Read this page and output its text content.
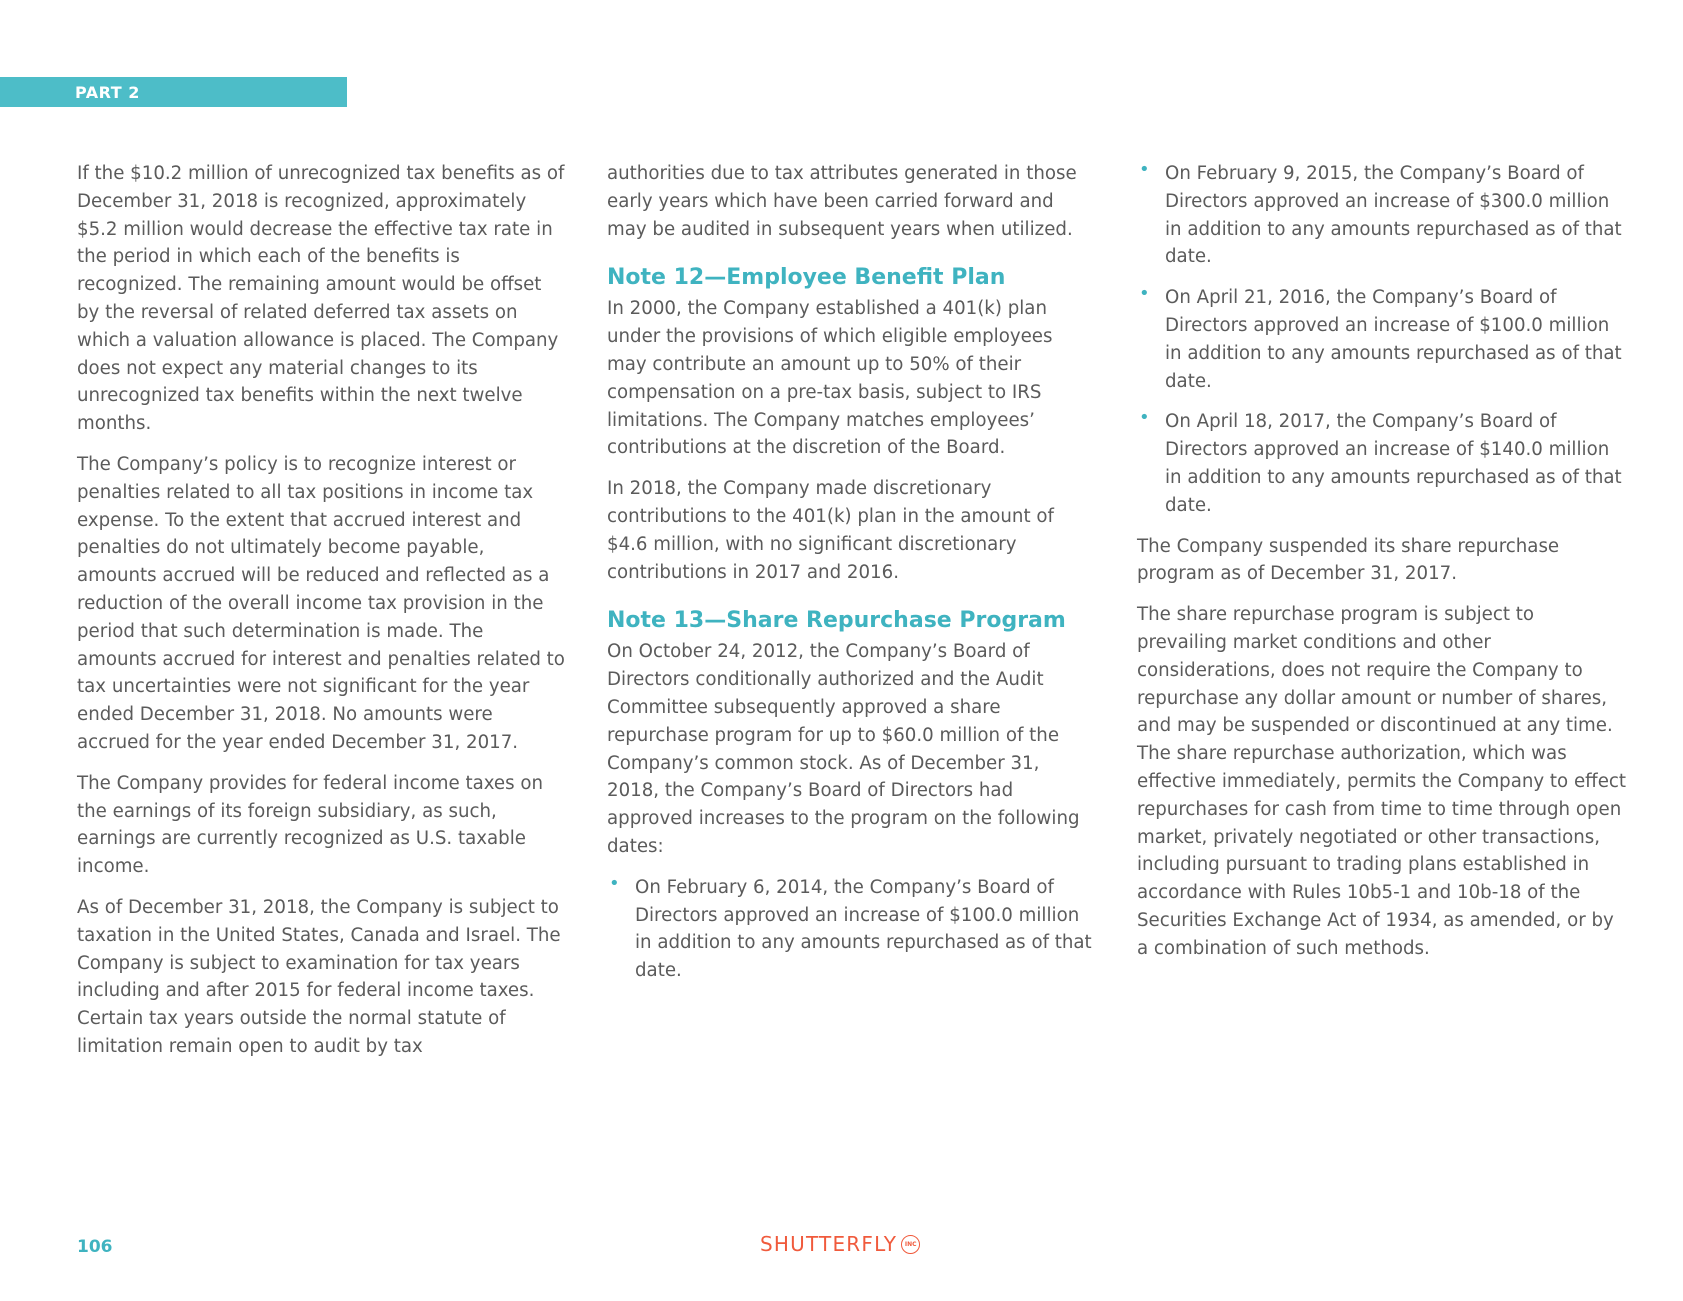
PART 2

If the $10.2 million of unrecognized tax benefits as of December 31, 2018 is recognized, approximately $5.2 million would decrease the effective tax rate in the period in which each of the benefits is recognized. The remaining amount would be offset by the reversal of related deferred tax assets on which a valuation allowance is placed. The Company does not expect any material changes to its unrecognized tax benefits within the next twelve months.

The Company’s policy is to recognize interest or penalties related to all tax positions in income tax expense. To the extent that accrued interest and penalties do not ultimately become payable, amounts accrued will be reduced and reflected as a reduction of the overall income tax provision in the period that such determination is made. The amounts accrued for interest and penalties related to tax uncertainties were not significant for the year ended December 31, 2018. No amounts were accrued for the year ended December 31, 2017.

The Company provides for federal income taxes on the earnings of its foreign subsidiary, as such, earnings are currently recognized as U.S. taxable income.

As of December 31, 2018, the Company is subject to taxation in the United States, Canada and Israel. The Company is subject to examination for tax years including and after 2015 for federal income taxes. Certain tax years outside the normal statute of limitation remain open to audit by tax

authorities due to tax attributes generated in those early years which have been carried forward and may be audited in subsequent years when utilized.

Note 12—Employee Benefit Plan

In 2000, the Company established a 401(k) plan under the provisions of which eligible employees may contribute an amount up to 50% of their compensation on a pre-tax basis, subject to IRS limitations. The Company matches employees’ contributions at the discretion of the Board.

In 2018, the Company made discretionary contributions to the 401(k) plan in the amount of $4.6 million, with no significant discretionary contributions in 2017 and 2016.

Note 13—Share Repurchase Program

On October 24, 2012, the Company’s Board of Directors conditionally authorized and the Audit Committee subsequently approved a share repurchase program for up to $60.0 million of the Company’s common stock. As of December 31, 2018, the Company’s Board of Directors had approved increases to the program on the following dates:

• On February 6, 2014, the Company’s Board of Directors approved an increase of $100.0 million in addition to any amounts repurchased as of that date.
• On February 9, 2015, the Company’s Board of Directors approved an increase of $300.0 million in addition to any amounts repurchased as of that date.
• On April 21, 2016, the Company’s Board of Directors approved an increase of $100.0 million in addition to any amounts repurchased as of that date.
• On April 18, 2017, the Company’s Board of Directors approved an increase of $140.0 million in addition to any amounts repurchased as of that date.

The Company suspended its share repurchase program as of December 31, 2017.

The share repurchase program is subject to prevailing market conditions and other considerations, does not require the Company to repurchase any dollar amount or number of shares, and may be suspended or discontinued at any time. The share repurchase authorization, which was effective immediately, permits the Company to effect repurchases for cash from time to time through open market, privately negotiated or other transactions, including pursuant to trading plans established in accordance with Rules 10b5-1 and 10b-18 of the Securities Exchange Act of 1934, as amended, or by a combination of such methods.

106	SHUTTERFLY	INC
